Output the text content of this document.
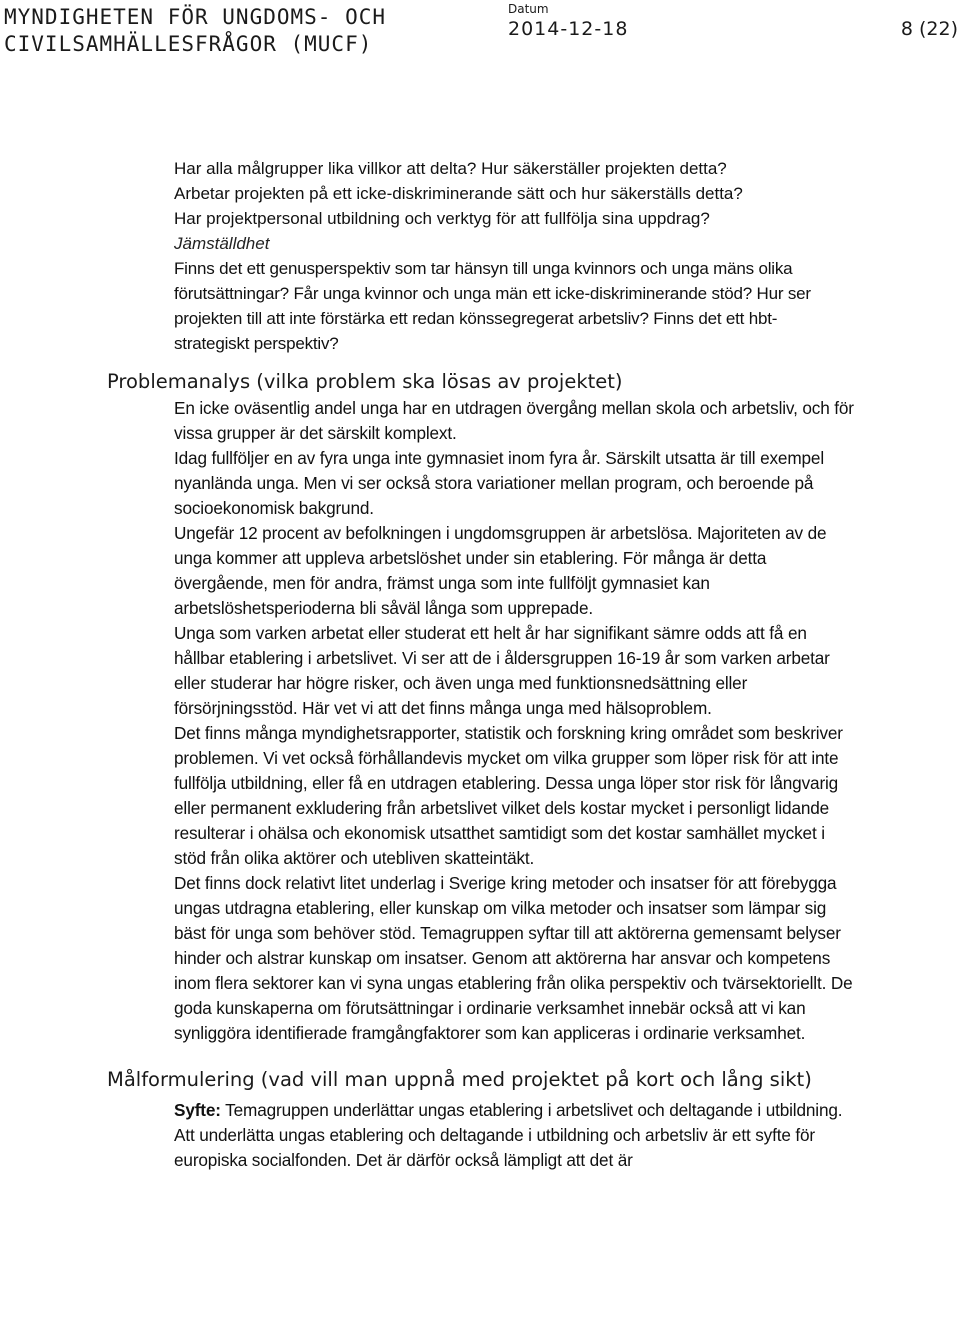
MYNDIGHETEN FÖR UNGDOMS- OCH
CIVILSAMHÄLLESFRÅGOR (MUCF)
Datum
2014-12-18	8 (22)

Har alla målgrupper lika villkor att delta? Hur säkerställer projekten detta?

Arbetar projekten på ett icke-diskriminerande sätt och hur säkerställs detta?

Har projektpersonal utbildning och verktyg för att fullfölja sina uppdrag?

Jämställdhet

Finns det ett genusperspektiv som tar hänsyn till unga kvinnors och unga mäns olika förutsättningar? Får unga kvinnor och unga män ett icke-diskriminerande stöd? Hur ser projekten till att inte förstärka ett redan könssegregerat arbetsliv? Finns det ett hbt-strategiskt perspektiv?

Problemanalys (vilka problem ska lösas av projektet)

En icke oväsentlig andel unga har en utdragen övergång mellan skola och arbetsliv, och för vissa grupper är det särskilt komplext.

Idag fullföljer en av fyra unga inte gymnasiet inom fyra år. Särskilt utsatta är till exempel nyanlända unga. Men vi ser också stora variationer mellan program, och beroende på socioekonomisk bakgrund.

Ungefär 12 procent av befolkningen i ungdomsgruppen är arbetslösa. Majoriteten av de unga kommer att uppleva arbetslöshet under sin etablering. För många är detta övergående, men för andra, främst unga som inte fullföljt gymnasiet kan arbetslöshetsperioderna bli såväl långa som upprepade.

Unga som varken arbetat eller studerat ett helt år har signifikant sämre odds att få en hållbar etablering i arbetslivet. Vi ser att de i åldersgruppen 16-19 år som varken arbetar eller studerar har högre risker, och även unga med funktionsnedsättning eller försörjningsstöd. Här vet vi att det finns många unga med hälsoproblem.

Det finns många myndighetsrapporter, statistik och forskning kring området som beskriver problemen. Vi vet också förhållandevis mycket om vilka grupper som löper risk för att inte fullfölja utbildning, eller få en utdragen etablering. Dessa unga löper stor risk för långvarig eller permanent exkludering från arbetslivet vilket dels kostar mycket i personligt lidande resulterar i ohälsa och ekonomisk utsatthet samtidigt som det kostar samhället mycket i stöd från olika aktörer och utebliven skatteintäkt.

Det finns dock relativt litet underlag i Sverige kring metoder och insatser för att förebygga ungas utdragna etablering, eller kunskap om vilka metoder och insatser som lämpar sig bäst för unga som behöver stöd. Temagruppen syftar till att aktörerna gemensamt belyser hinder och alstrar kunskap om insatser. Genom att aktörerna har ansvar och kompetens inom flera sektorer kan vi syna ungas etablering från olika perspektiv och tvärsektoriellt. De goda kunskaperna om förutsättningar i ordinarie verksamhet innebär också att vi kan synliggöra identifierade framgångfaktorer som kan appliceras i ordinarie verksamhet.

Målformulering (vad vill man uppnå med projektet på kort och lång sikt)

Syfte: Temagruppen underlättar ungas etablering i arbetslivet och deltagande i utbildning.

Att underlätta ungas etablering och deltagande i utbildning och arbetsliv är ett syfte för europiska socialfonden. Det är därför också lämpligt att det är
